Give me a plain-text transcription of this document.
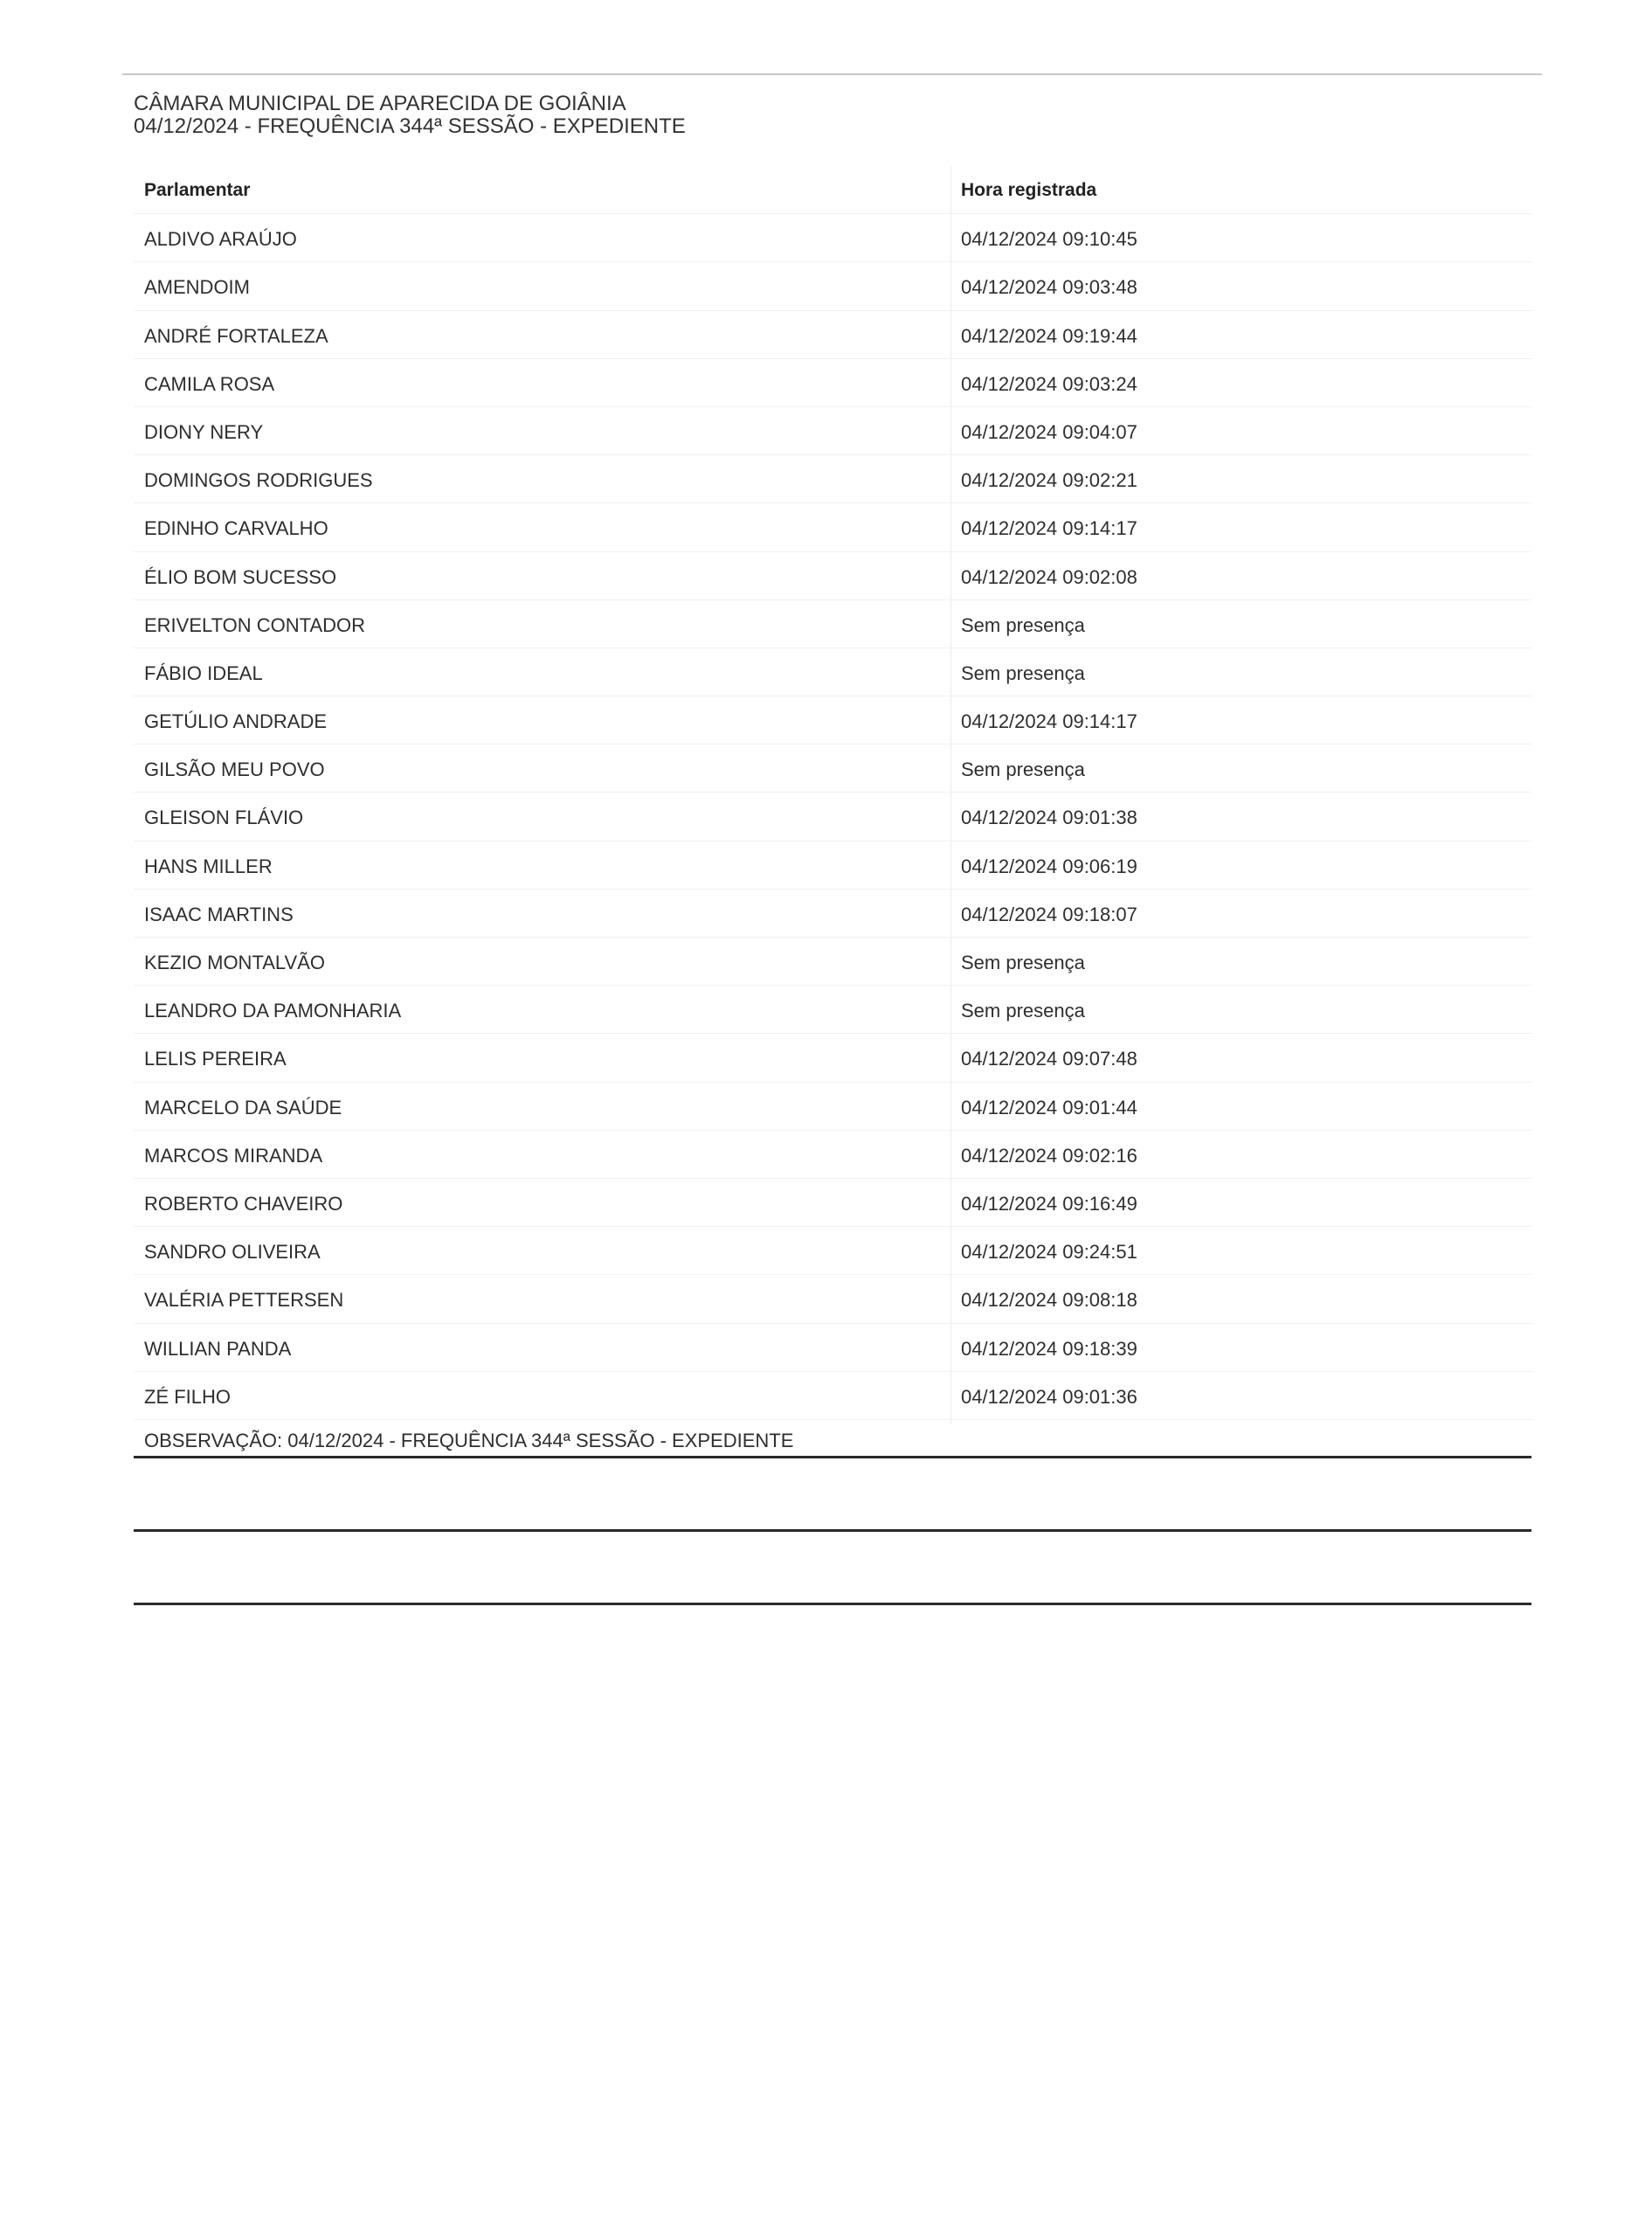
CÂMARA MUNICIPAL DE APARECIDA DE GOIÂNIA
04/12/2024 - FREQUÊNCIA 344ª SESSÃO - EXPEDIENTE
Parlamentar	Hora registrada
ALDIVO ARAÚJO	04/12/2024 09:10:45
AMENDOIM	04/12/2024 09:03:48
ANDRÉ FORTALEZA	04/12/2024 09:19:44
CAMILA ROSA	04/12/2024 09:03:24
DIONY NERY	04/12/2024 09:04:07
DOMINGOS RODRIGUES	04/12/2024 09:02:21
EDINHO CARVALHO	04/12/2024 09:14:17
ÉLIO BOM SUCESSO	04/12/2024 09:02:08
ERIVELTON CONTADOR	Sem presença
FÁBIO IDEAL	Sem presença
GETÚLIO ANDRADE	04/12/2024 09:14:17
GILSÃO MEU POVO	Sem presença
GLEISON FLÁVIO	04/12/2024 09:01:38
HANS MILLER	04/12/2024 09:06:19
ISAAC MARTINS	04/12/2024 09:18:07
KEZIO MONTALVÃO	Sem presença
LEANDRO DA PAMONHARIA	Sem presença
LELIS PEREIRA	04/12/2024 09:07:48
MARCELO DA SAÚDE	04/12/2024 09:01:44
MARCOS MIRANDA	04/12/2024 09:02:16
ROBERTO CHAVEIRO	04/12/2024 09:16:49
SANDRO OLIVEIRA	04/12/2024 09:24:51
VALÉRIA PETTERSEN	04/12/2024 09:08:18
WILLIAN PANDA	04/12/2024 09:18:39
ZÉ FILHO	04/12/2024 09:01:36
OBSERVAÇÃO: 04/12/2024 - FREQUÊNCIA 344ª SESSÃO - EXPEDIENTE
